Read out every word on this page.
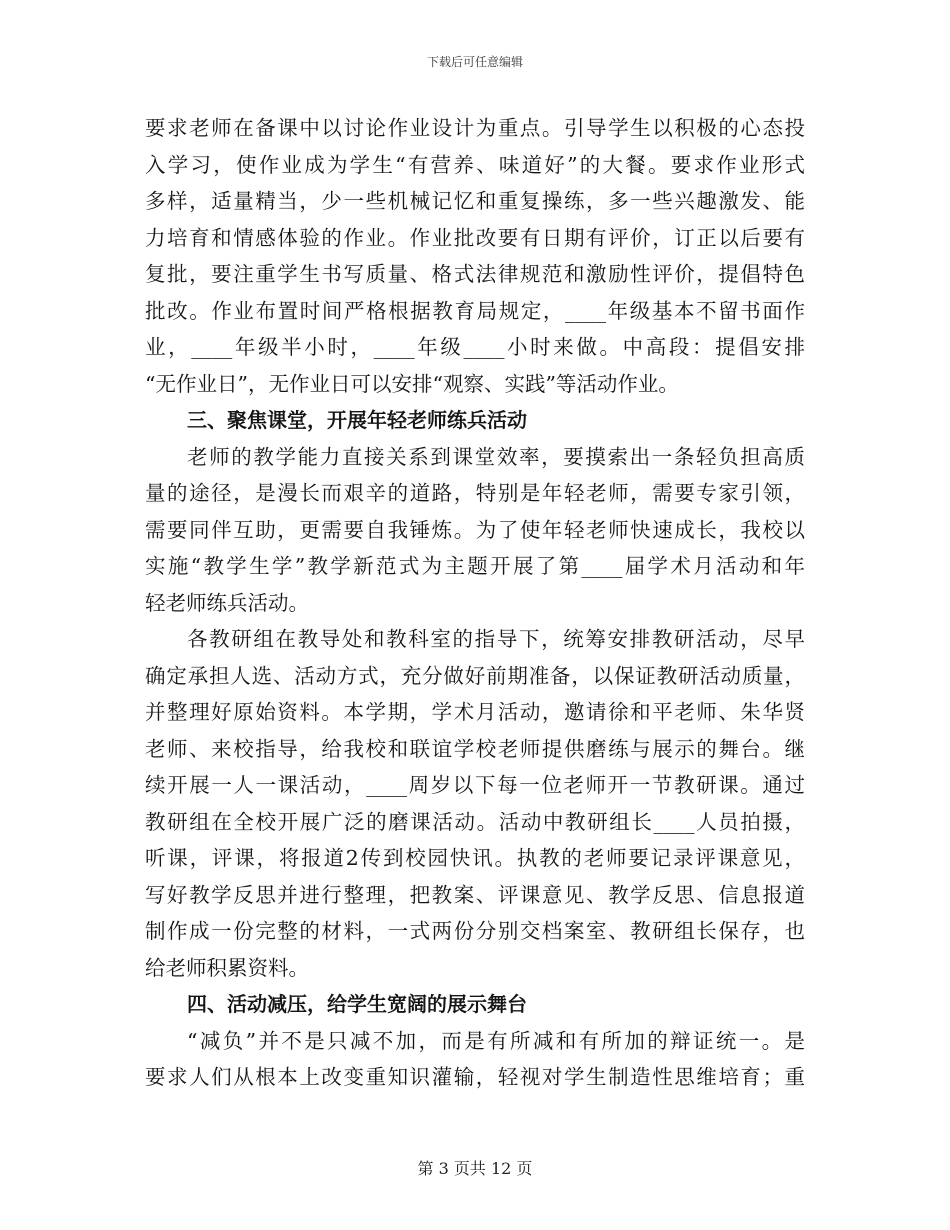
下载后可任意编辑
要求老师在备课中以讨论作业设计为重点。引导学生以积极的心态投
入学习，使作业成为学生“有营养、味道好”的大餐。要求作业形式
多样，适量精当，少一些机械记忆和重复操练，多一些兴趣激发、能
力培育和情感体验的作业。作业批改要有日期有评价，订正以后要有
复批，要注重学生书写质量、格式法律规范和激励性评价，提倡特色
批改。作业布置时间严格根据教育局规定，____年级基本不留书面作
业，____年级半小时，____年级____小时来做。中高段：提倡安排
“无作业日”，无作业日可以安排“观察、实践”等活动作业。
三、聚焦课堂，开展年轻老师练兵活动
老师的教学能力直接关系到课堂效率，要摸索出一条轻负担高质
量的途径，是漫长而艰辛的道路，特别是年轻老师，需要专家引领，
需要同伴互助，更需要自我锤炼。为了使年轻老师快速成长，我校以
实施“教学生学”教学新范式为主题开展了第____届学术月活动和年
轻老师练兵活动。
各教研组在教导处和教科室的指导下，统筹安排教研活动，尽早
确定承担人选、活动方式，充分做好前期准备，以保证教研活动质量，
并整理好原始资料。本学期，学术月活动，邀请徐和平老师、朱华贤
老师、来校指导，给我校和联谊学校老师提供磨练与展示的舞台。继
续开展一人一课活动，____周岁以下每一位老师开一节教研课。通过
教研组在全校开展广泛的磨课活动。活动中教研组长____人员拍摄，
听课，评课，将报道2传到校园快讯。执教的老师要记录评课意见，
写好教学反思并进行整理，把教案、评课意见、教学反思、信息报道
制作成一份完整的材料，一式两份分别交档案室、教研组长保存，也
给老师积累资料。
四、活动减压，给学生宽阔的展示舞台
“减负”并不是只减不加，而是有所减和有所加的辩证统一。是
要求人们从根本上改变重知识灌输，轻视对学生制造性思维培育；重
第 3 页共 12 页
